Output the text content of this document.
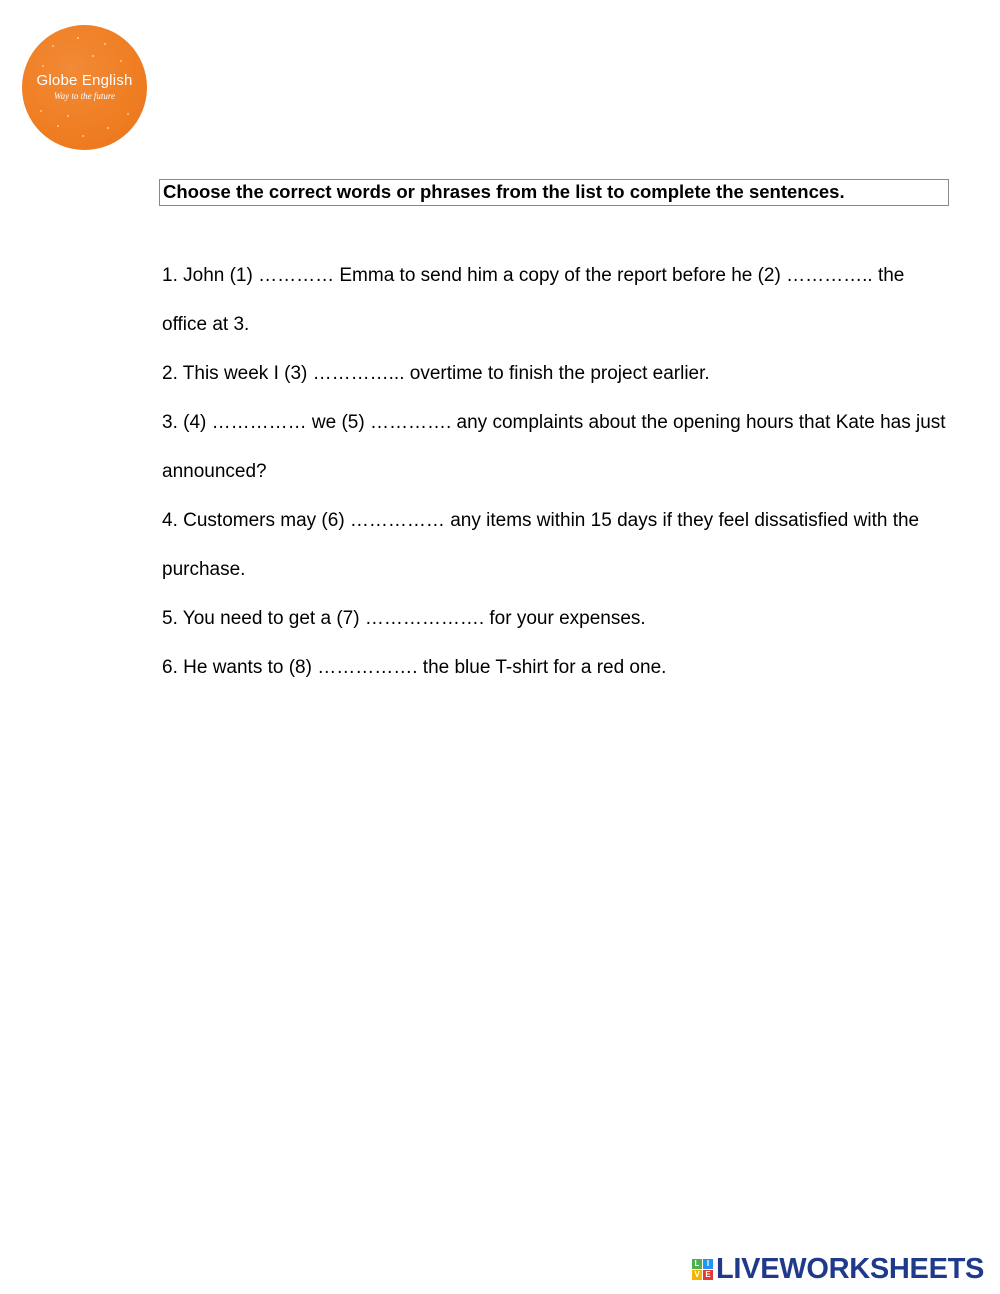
Globe English
Way to the future
Choose the correct words or phrases from the list to complete the sentences.

1. John (1) ………… Emma to send him a copy of the report before he (2) ………….. the office at 3.

2. This week I (3) …………... overtime to finish the project earlier.

3. (4) …………… we (5) …………. any complaints about the opening hours that Kate has just announced?

4. Customers may (6) …………… any items within 15 days if they feel dissatisfied with the purchase.

5. You need to get a (7) ………………. for your expenses.

6. He wants to (8) ……………. the blue T-shirt for a red one.

L I
V E LIVEWORKSHEETS
